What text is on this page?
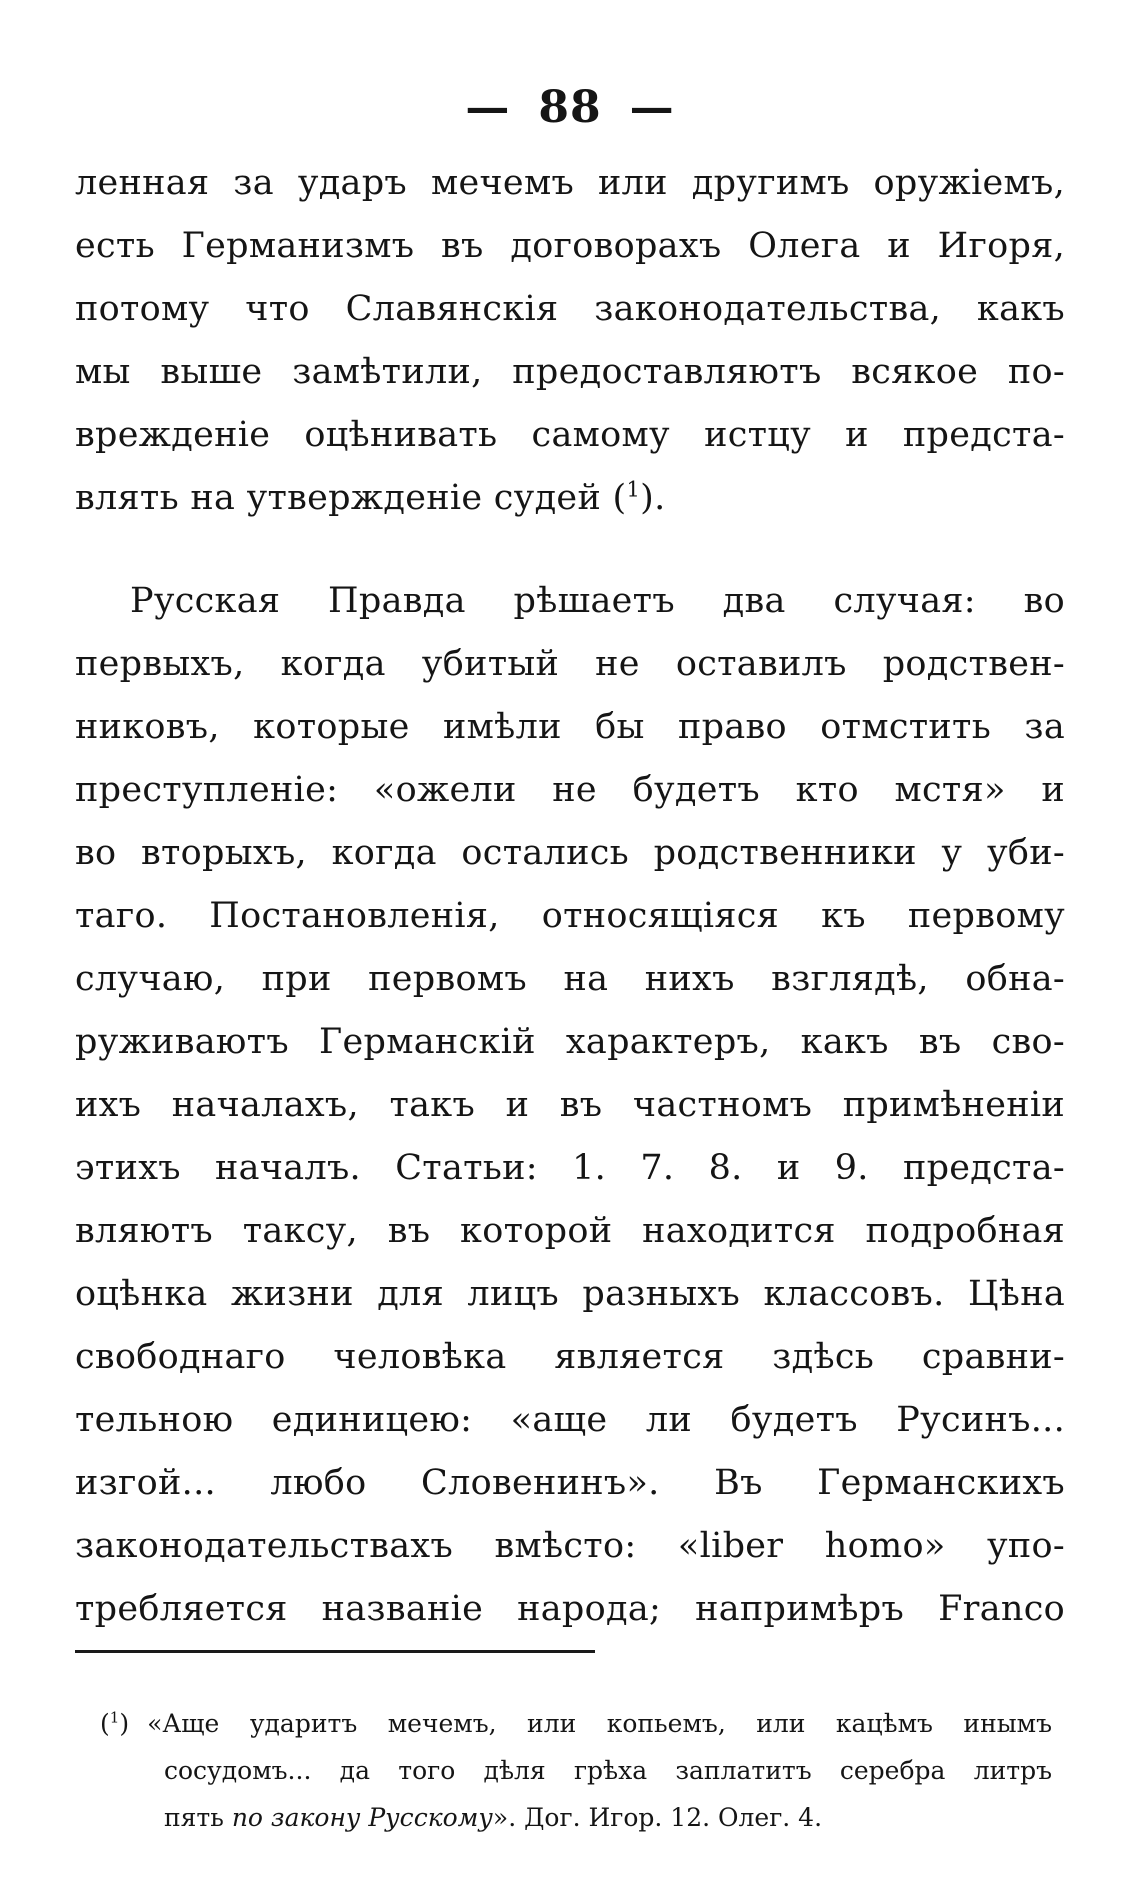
— 88 —
ленная за ударъ мечемъ или другимъ оружіемъ,
есть Германизмъ въ договорахъ Олега и Игоря,
потому что Славянскія законодательства, какъ
мы выше замѣтили, предоставляютъ всякое по-
врежденіе оцѣнивать самому истцу и предста-
влять на утвержденіе судей ($^1$).
Русская Правда рѣшаетъ два случая: во
первыхъ, когда убитый не оставилъ родствен-
никовъ, которые имѣли бы право отмстить за
преступленіе: «ожели не будетъ кто мстя» и
во вторыхъ, когда остались родственники у уби-
таго. Постановленія, относящіяся къ первому
случаю, при первомъ на нихъ взглядѣ, обна-
руживаютъ Германскій характеръ, какъ въ сво-
ихъ началахъ, такъ и въ частномъ примѣненіи
этихъ началъ. Статьи: 1. 7. 8. и 9. предста-
вляютъ таксу, въ которой находится подробная
оцѣнка жизни для лицъ разныхъ классовъ. Цѣна
свободнаго человѣка является здѣсь сравни-
тельною единицею: «аще ли будетъ Русинъ...
изгой... любо Словенинъ». Въ Германскихъ
законодательствахъ вмѣсто: «liber homo» упо-
требляется названіе народа; напримѣръ Franco
($^1$) «Аще ударитъ мечемъ, или копьемъ, или кацѣмъ инымъ
сосудомъ... да того дѣля грѣха заплатитъ серебра литръ
пять по закону Русскому». Дог. Игор. 12. Олег. 4.
